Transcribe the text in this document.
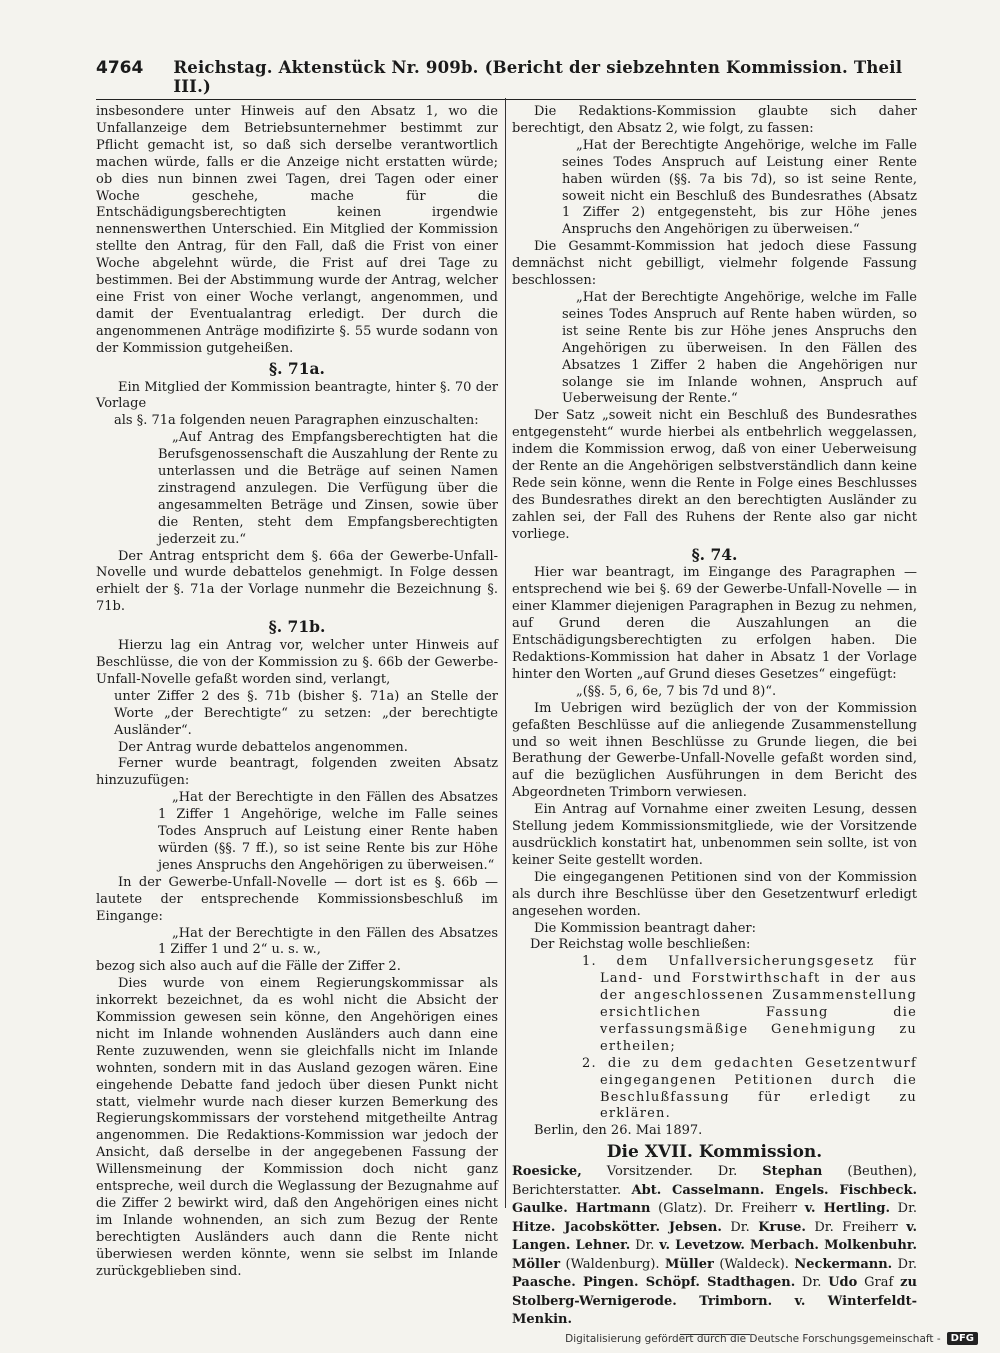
4764 Reichstag. Aktenstück Nr. 909b. (Bericht der siebzehnten Kommission. Theil III.)

insbesondere unter Hinweis auf den Absatz 1, wo die Unfallanzeige dem Betriebsunternehmer bestimmt zur Pflicht gemacht ist, so daß sich derselbe verantwortlich machen würde, falls er die Anzeige nicht erstatten würde; ob dies nun binnen zwei Tagen, drei Tagen oder einer Woche geschehe, mache für die Entschädigungsberechtigten keinen irgendwie nennenswerthen Unterschied. Ein Mitglied der Kommission stellte den Antrag, für den Fall, daß die Frist von einer Woche abgelehnt würde, die Frist auf drei Tage zu bestimmen. Bei der Abstimmung wurde der Antrag, welcher eine Frist von einer Woche verlangt, angenommen, und damit der Eventualantrag erledigt. Der durch die angenommenen Anträge modifizirte §. 55 wurde sodann von der Kommission gutgeheißen.

§. 71a.

Ein Mitglied der Kommission beantragte, hinter §. 70 der Vorlage

als §. 71a folgenden neuen Paragraphen einzuschalten:

„Auf Antrag des Empfangsberechtigten hat die Berufsgenossenschaft die Auszahlung der Rente zu unterlassen und die Beträge auf seinen Namen zinstragend anzulegen. Die Verfügung über die angesammelten Beträge und Zinsen, sowie über die Renten, steht dem Empfangsberechtigten jederzeit zu.“

Der Antrag entspricht dem §. 66a der Gewerbe-Unfall-Novelle und wurde debattelos genehmigt. In Folge dessen erhielt der §. 71a der Vorlage nunmehr die Bezeichnung §. 71b.

§. 71b.

Hierzu lag ein Antrag vor, welcher unter Hinweis auf Beschlüsse, die von der Kommission zu §. 66b der Gewerbe-Unfall-Novelle gefaßt worden sind, verlangt,

unter Ziffer 2 des §. 71b (bisher §. 71a) an Stelle der Worte „der Berechtigte“ zu setzen: „der berechtigte Ausländer“.

Der Antrag wurde debattelos angenommen.

Ferner wurde beantragt, folgenden zweiten Absatz hinzuzufügen:

„Hat der Berechtigte in den Fällen des Absatzes 1 Ziffer 1 Angehörige, welche im Falle seines Todes Anspruch auf Leistung einer Rente haben würden (§§. 7 ff.), so ist seine Rente bis zur Höhe jenes Anspruchs den Angehörigen zu überweisen.“

In der Gewerbe-Unfall-Novelle — dort ist es §. 66b — lautete der entsprechende Kommissionsbeschluß im Eingange:

„Hat der Berechtigte in den Fällen des Absatzes 1 Ziffer 1 und 2“ u. s. w.,

bezog sich also auch auf die Fälle der Ziffer 2.

Dies wurde von einem Regierungskommissar als inkorrekt bezeichnet, da es wohl nicht die Absicht der Kommission gewesen sein könne, den Angehörigen eines nicht im Inlande wohnenden Ausländers auch dann eine Rente zuzuwenden, wenn sie gleichfalls nicht im Inlande wohnten, sondern mit in das Ausland gezogen wären. Eine eingehende Debatte fand jedoch über diesen Punkt nicht statt, vielmehr wurde nach dieser kurzen Bemerkung des Regierungskommissars der vorstehend mitgetheilte Antrag angenommen. Die Redaktions-Kommission war jedoch der Ansicht, daß derselbe in der angegebenen Fassung der Willensmeinung der Kommission doch nicht ganz entspreche, weil durch die Weglassung der Bezugnahme auf die Ziffer 2 bewirkt wird, daß den Angehörigen eines nicht im Inlande wohnenden, an sich zum Bezug der Rente berechtigten Ausländers auch dann die Rente nicht überwiesen werden könnte, wenn sie selbst im Inlande zurückgeblieben sind.

Die Redaktions-Kommission glaubte sich daher berechtigt, den Absatz 2, wie folgt, zu fassen:

„Hat der Berechtigte Angehörige, welche im Falle seines Todes Anspruch auf Leistung einer Rente haben würden (§§. 7a bis 7d), so ist seine Rente, soweit nicht ein Beschluß des Bundesrathes (Absatz 1 Ziffer 2) entgegensteht, bis zur Höhe jenes Anspruchs den Angehörigen zu überweisen.“

Die Gesammt-Kommission hat jedoch diese Fassung demnächst nicht gebilligt, vielmehr folgende Fassung beschlossen:

„Hat der Berechtigte Angehörige, welche im Falle seines Todes Anspruch auf Rente haben würden, so ist seine Rente bis zur Höhe jenes Anspruchs den Angehörigen zu überweisen. In den Fällen des Absatzes 1 Ziffer 2 haben die Angehörigen nur solange sie im Inlande wohnen, Anspruch auf Ueberweisung der Rente.“

Der Satz „soweit nicht ein Beschluß des Bundesrathes entgegensteht“ wurde hierbei als entbehrlich weggelassen, indem die Kommission erwog, daß von einer Ueberweisung der Rente an die Angehörigen selbstverständlich dann keine Rede sein könne, wenn die Rente in Folge eines Beschlusses des Bundesrathes direkt an den berechtigten Ausländer zu zahlen sei, der Fall des Ruhens der Rente also gar nicht vorliege.

§. 74.

Hier war beantragt, im Eingange des Paragraphen — entsprechend wie bei §. 69 der Gewerbe-Unfall-Novelle — in einer Klammer diejenigen Paragraphen in Bezug zu nehmen, auf Grund deren die Auszahlungen an die Entschädigungsberechtigten zu erfolgen haben. Die Redaktions-Kommission hat daher in Absatz 1 der Vorlage hinter den Worten „auf Grund dieses Gesetzes“ eingefügt:

„(§§. 5, 6, 6e, 7 bis 7d und 8)“.

Im Uebrigen wird bezüglich der von der Kommission gefaßten Beschlüsse auf die anliegende Zusammenstellung und so weit ihnen Beschlüsse zu Grunde liegen, die bei Berathung der Gewerbe-Unfall-Novelle gefaßt worden sind, auf die bezüglichen Ausführungen in dem Bericht des Abgeordneten Trimborn verwiesen.

Ein Antrag auf Vornahme einer zweiten Lesung, dessen Stellung jedem Kommissionsmitgliede, wie der Vorsitzende ausdrücklich konstatirt hat, unbenommen sein sollte, ist von keiner Seite gestellt worden.

Die eingegangenen Petitionen sind von der Kommission als durch ihre Beschlüsse über den Gesetzentwurf erledigt angesehen worden.

Die Kommission beantragt daher:

Der Reichstag wolle beschließen:

1. dem Unfallversicherungsgesetz für Land- und Forstwirthschaft in der aus der angeschlossenen Zusammenstellung ersichtlichen Fassung die verfassungsmäßige Genehmigung zu ertheilen;
2. die zu dem gedachten Gesetzentwurf eingegangenen Petitionen durch die Beschlußfassung für erledigt zu erklären.

Berlin, den 26. Mai 1897.

Die XVII. Kommission.

Roesicke, Vorsitzender. Dr. Stephan (Beuthen), Berichterstatter. Abt. Casselmann. Engels. Fischbeck. Gaulke. Hartmann (Glatz). Dr. Freiherr v. Hertling. Dr. Hitze. Jacobskötter. Jebsen. Dr. Kruse. Dr. Freiherr v. Langen. Lehner. Dr. v. Levetzow. Merbach. Molkenbuhr. Möller (Waldenburg). Müller (Waldeck). Neckermann. Dr. Paasche. Pingen. Schöpf. Stadthagen. Dr. Udo Graf zu Stolberg-Wernigerode. Trimborn. v. Winterfeldt-Menkin.

Digitalisierung gefördert durch die Deutsche Forschungsgemeinschaft -	DFG
